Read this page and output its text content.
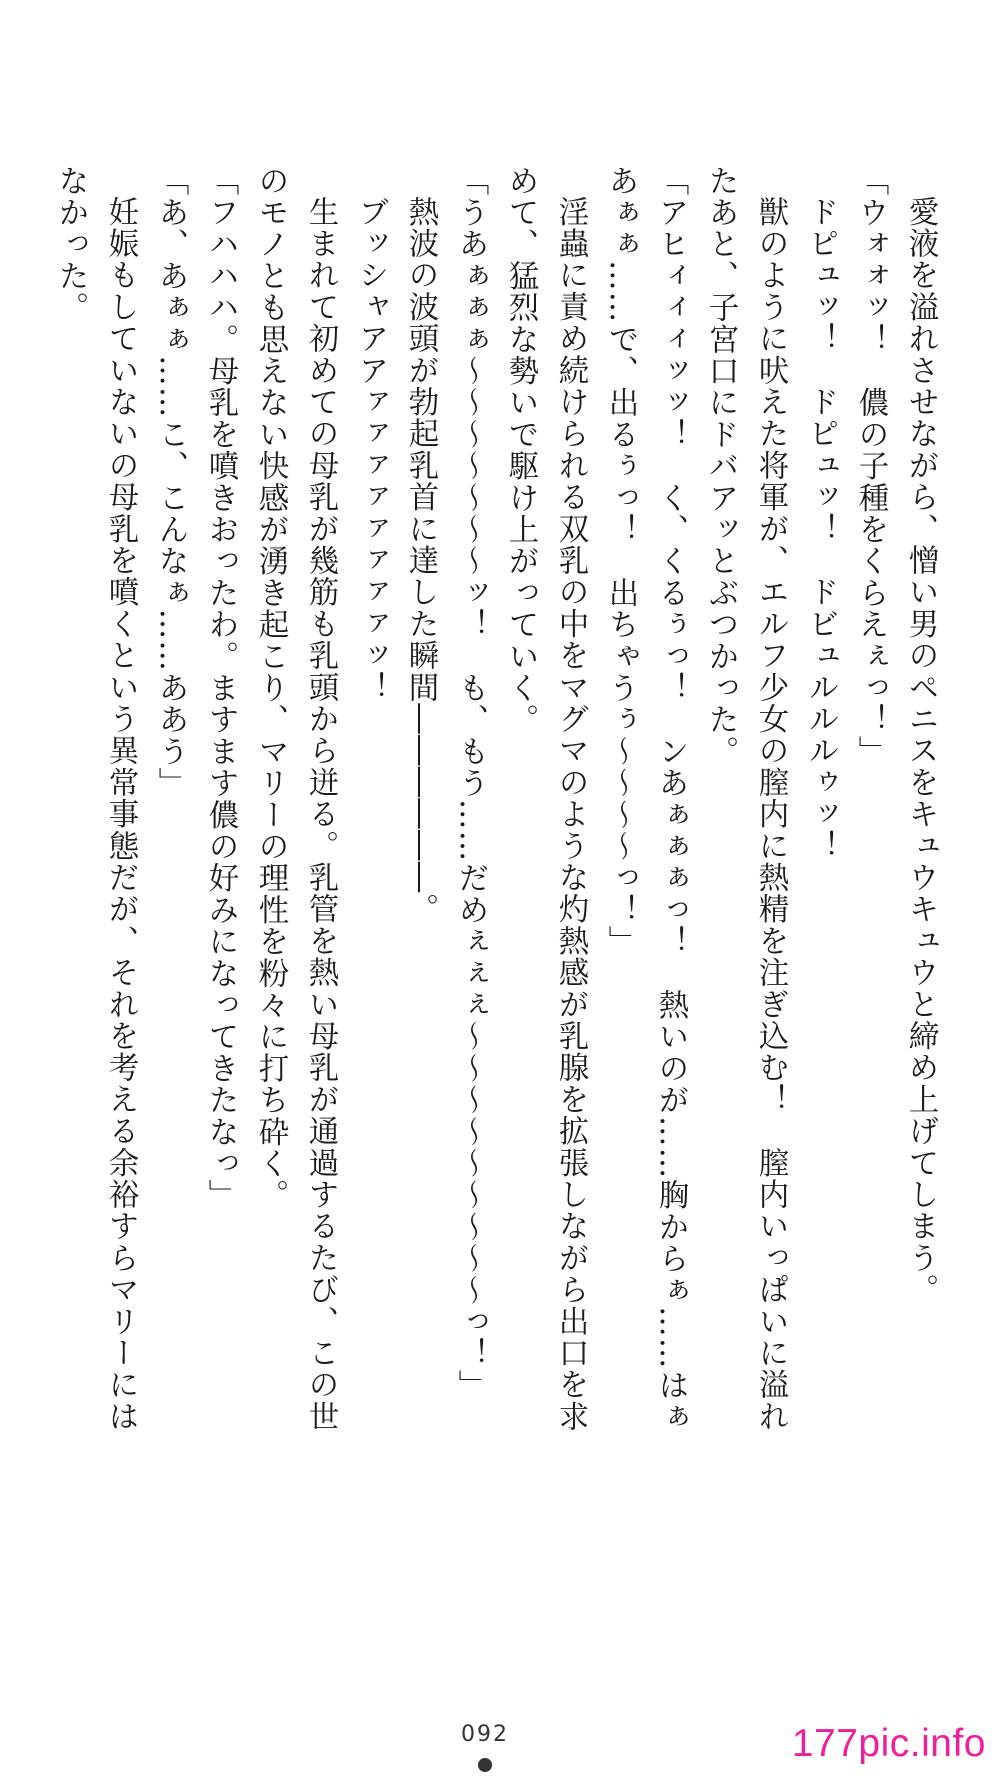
愛液を溢れさせながら、憎い男のペニスをキュウキュウと締め上げてしまう。
「ウォォッ！　儂の子種をくらえぇっ！」
ドピュッ！　ドピュッ！　ドビュルルルゥッ！
獣のように吠えた将軍が、エルフ少女の膣内に熱精を注ぎ込む！　膣内いっぱいに溢れ
たあと、子宮口にドバアッとぶつかった。
「アヒィィィッッ！　く、くるぅっ！　ンあぁぁぁっ！　熱いのが……胸からぁ……はぁ
あぁぁ……で、出るぅっ！　出ちゃうぅ〜〜〜〜っ！」
淫蟲に責め続けられる双乳の中をマグマのような灼熱感が乳腺を拡張しながら出口を求
めて、猛烈な勢いで駆け上がっていく。
「うあぁぁぁ〜〜〜〜〜〜〜ッ！　も、もう……だめぇぇぇ〜〜〜〜〜〜〜〜〜っ！」
熱波の波頭が勃起乳首に達した瞬間――――――。
ブッシャアアァァァァァァァァッ！
生まれて初めての母乳が幾筋も乳頭から迸る。乳管を熱い母乳が通過するたび、この世
のモノとも思えない快感が湧き起こり、マリーの理性を粉々に打ち砕く。
「フハハハ。母乳を噴きおったわ。ますます儂の好みになってきたなっ」
「あ、あぁぁ……こ、こんなぁ……ああう」
妊娠もしていないの母乳を噴くという異常事態だが、それを考える余裕すらマリーには
なかった。
092	177pic.info
